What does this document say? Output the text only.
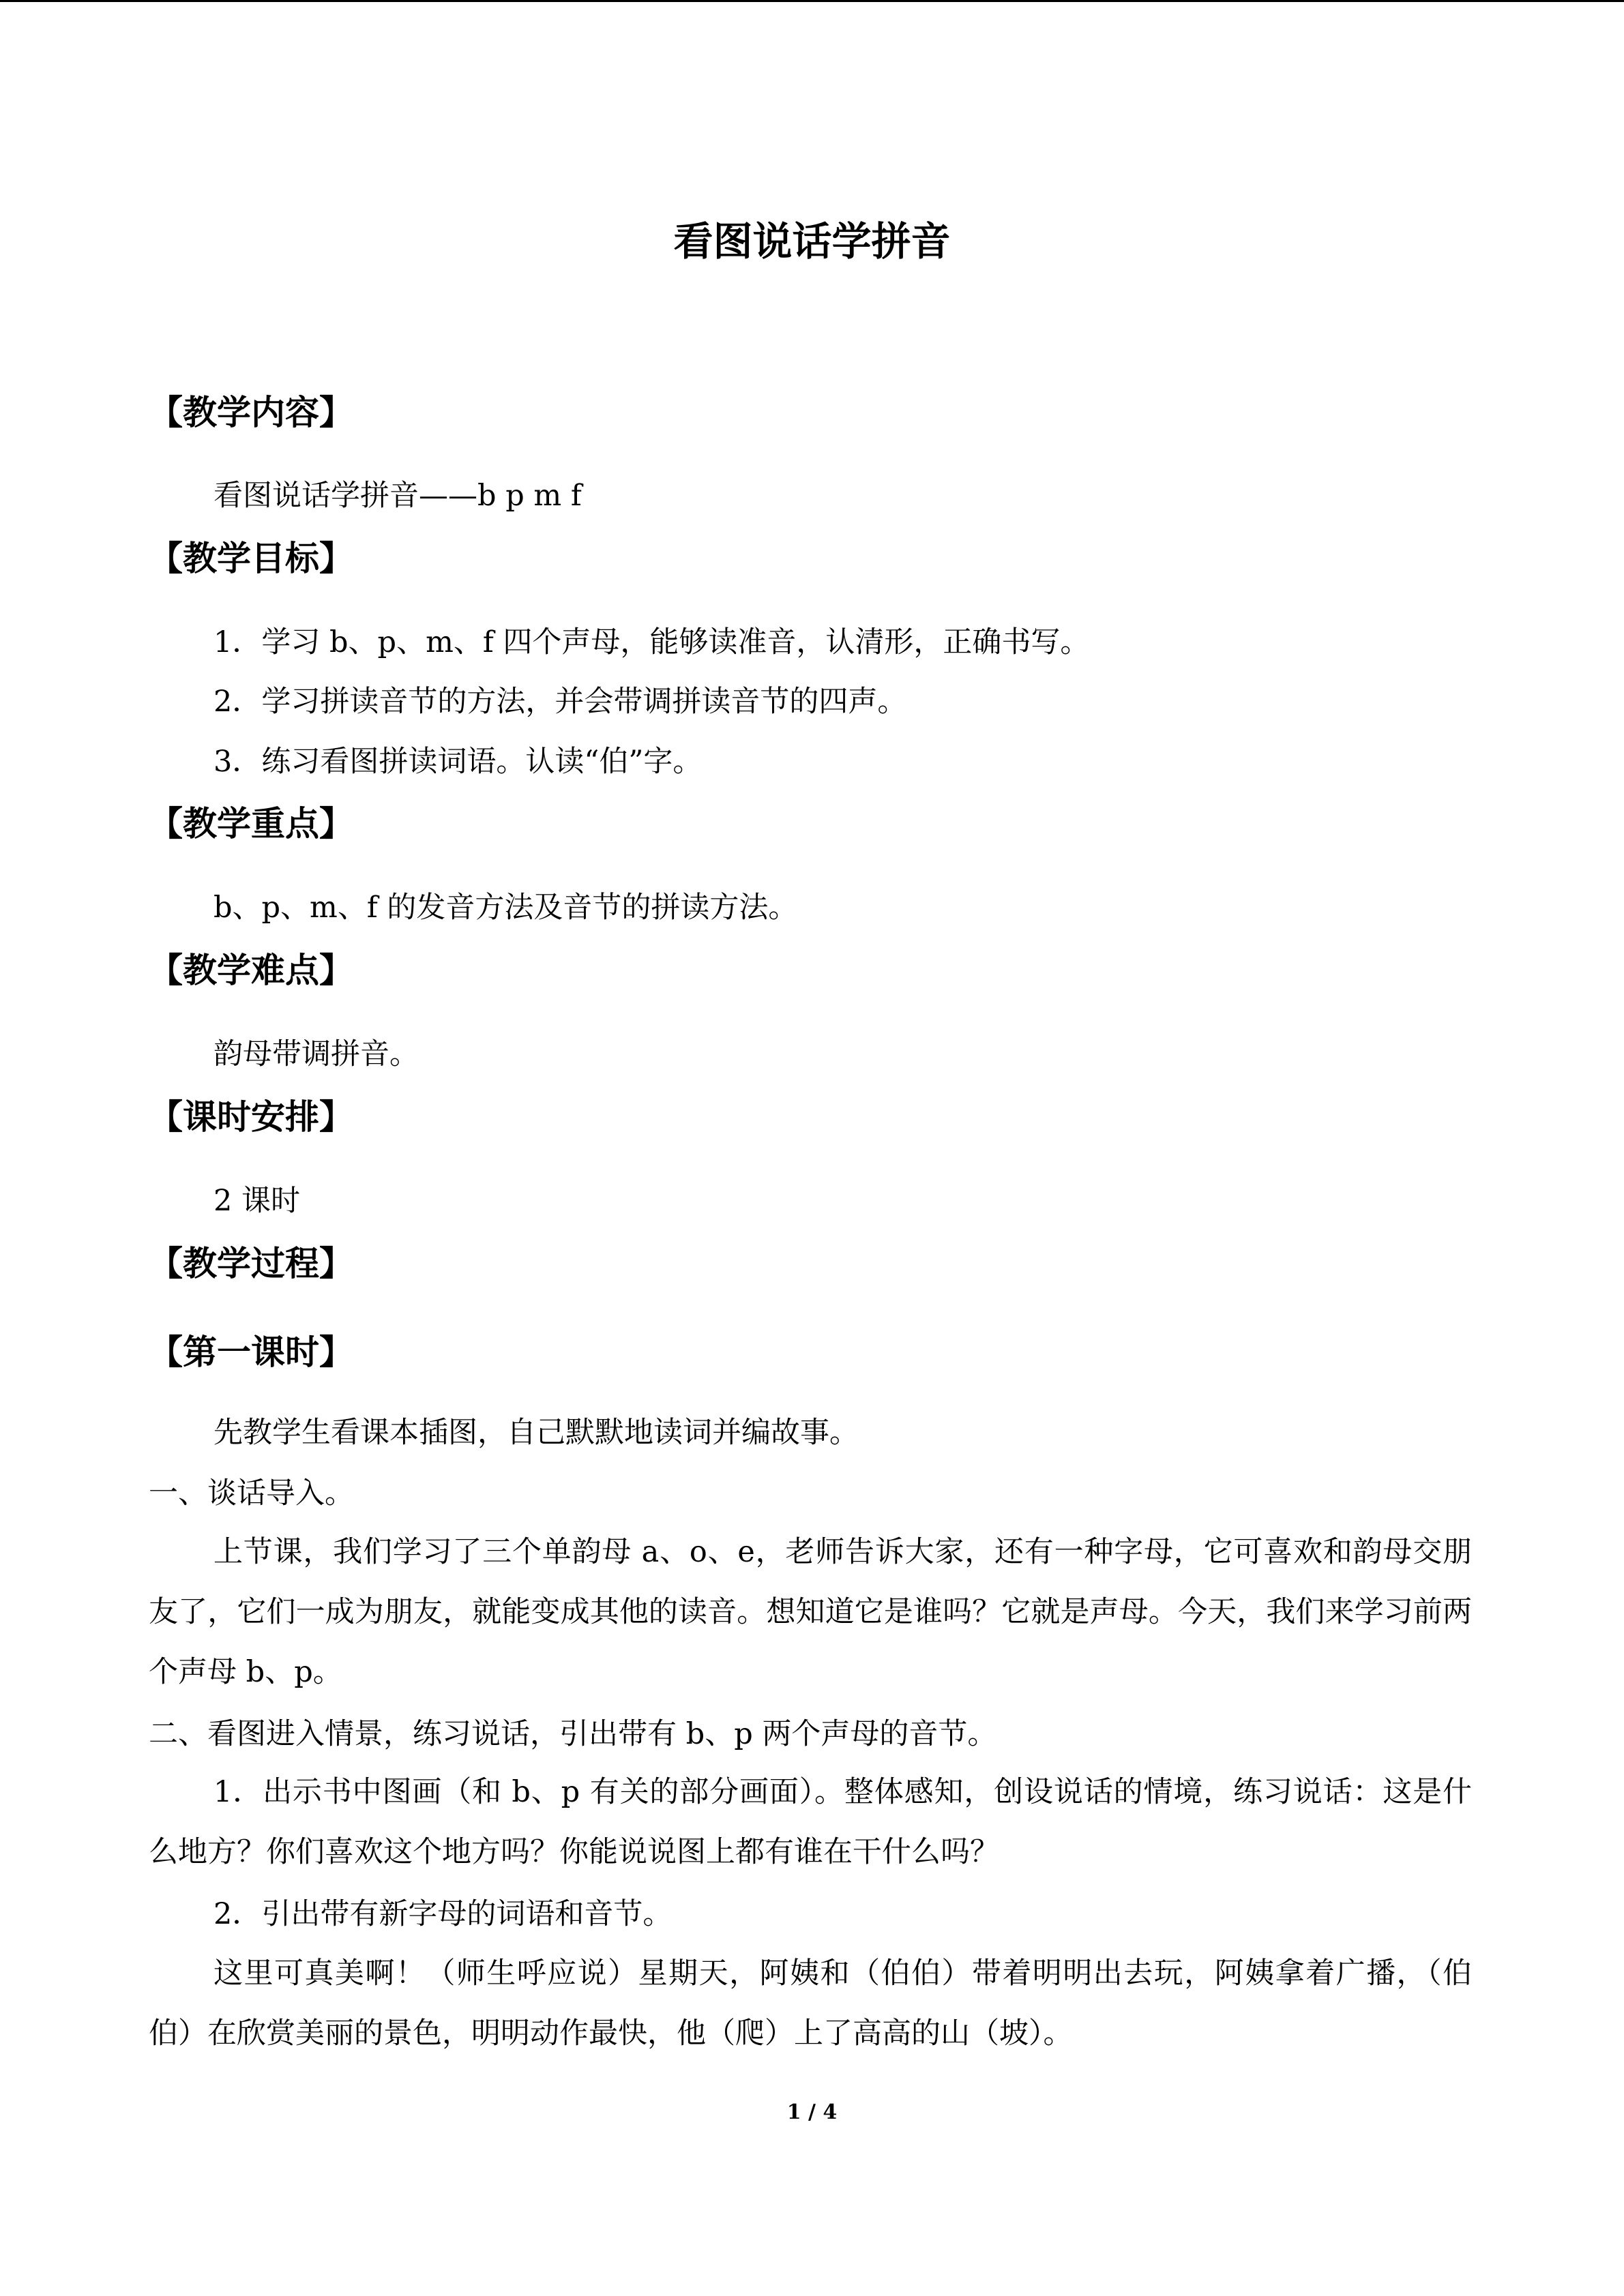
看图说话学拼音
【教学内容】
看图说话学拼音——b p m f
【教学目标】
1．学习 b、p、m、f 四个声母，能够读准音，认清形，正确书写。
2．学习拼读音节的方法，并会带调拼读音节的四声。
3．练习看图拼读词语。认读“伯”字。
【教学重点】
b、p、m、f 的发音方法及音节的拼读方法。
【教学难点】
韵母带调拼音。
【课时安排】
2 课时
【教学过程】
【第一课时】
先教学生看课本插图，自己默默地读词并编故事。
一、谈话导入。
上节课，我们学习了三个单韵母 a、o、e，老师告诉大家，还有一种字母，它可喜欢和韵母交朋友了，它们一成为朋友，就能变成其他的读音。想知道它是谁吗？它就是声母。今天，我们来学习前两个声母 b、p。
二、看图进入情景，练习说话，引出带有 b、p 两个声母的音节。
1．出示书中图画（和 b、p 有关的部分画面）。整体感知，创设说话的情境，练习说话：这是什么地方？你们喜欢这个地方吗？你能说说图上都有谁在干什么吗？
2．引出带有新字母的词语和音节。
这里可真美啊！（师生呼应说）星期天，阿姨和（伯伯）带着明明出去玩，阿姨拿着广播，（伯伯）在欣赏美丽的景色，明明动作最快，他（爬）上了高高的山（坡）。
1 / 4
